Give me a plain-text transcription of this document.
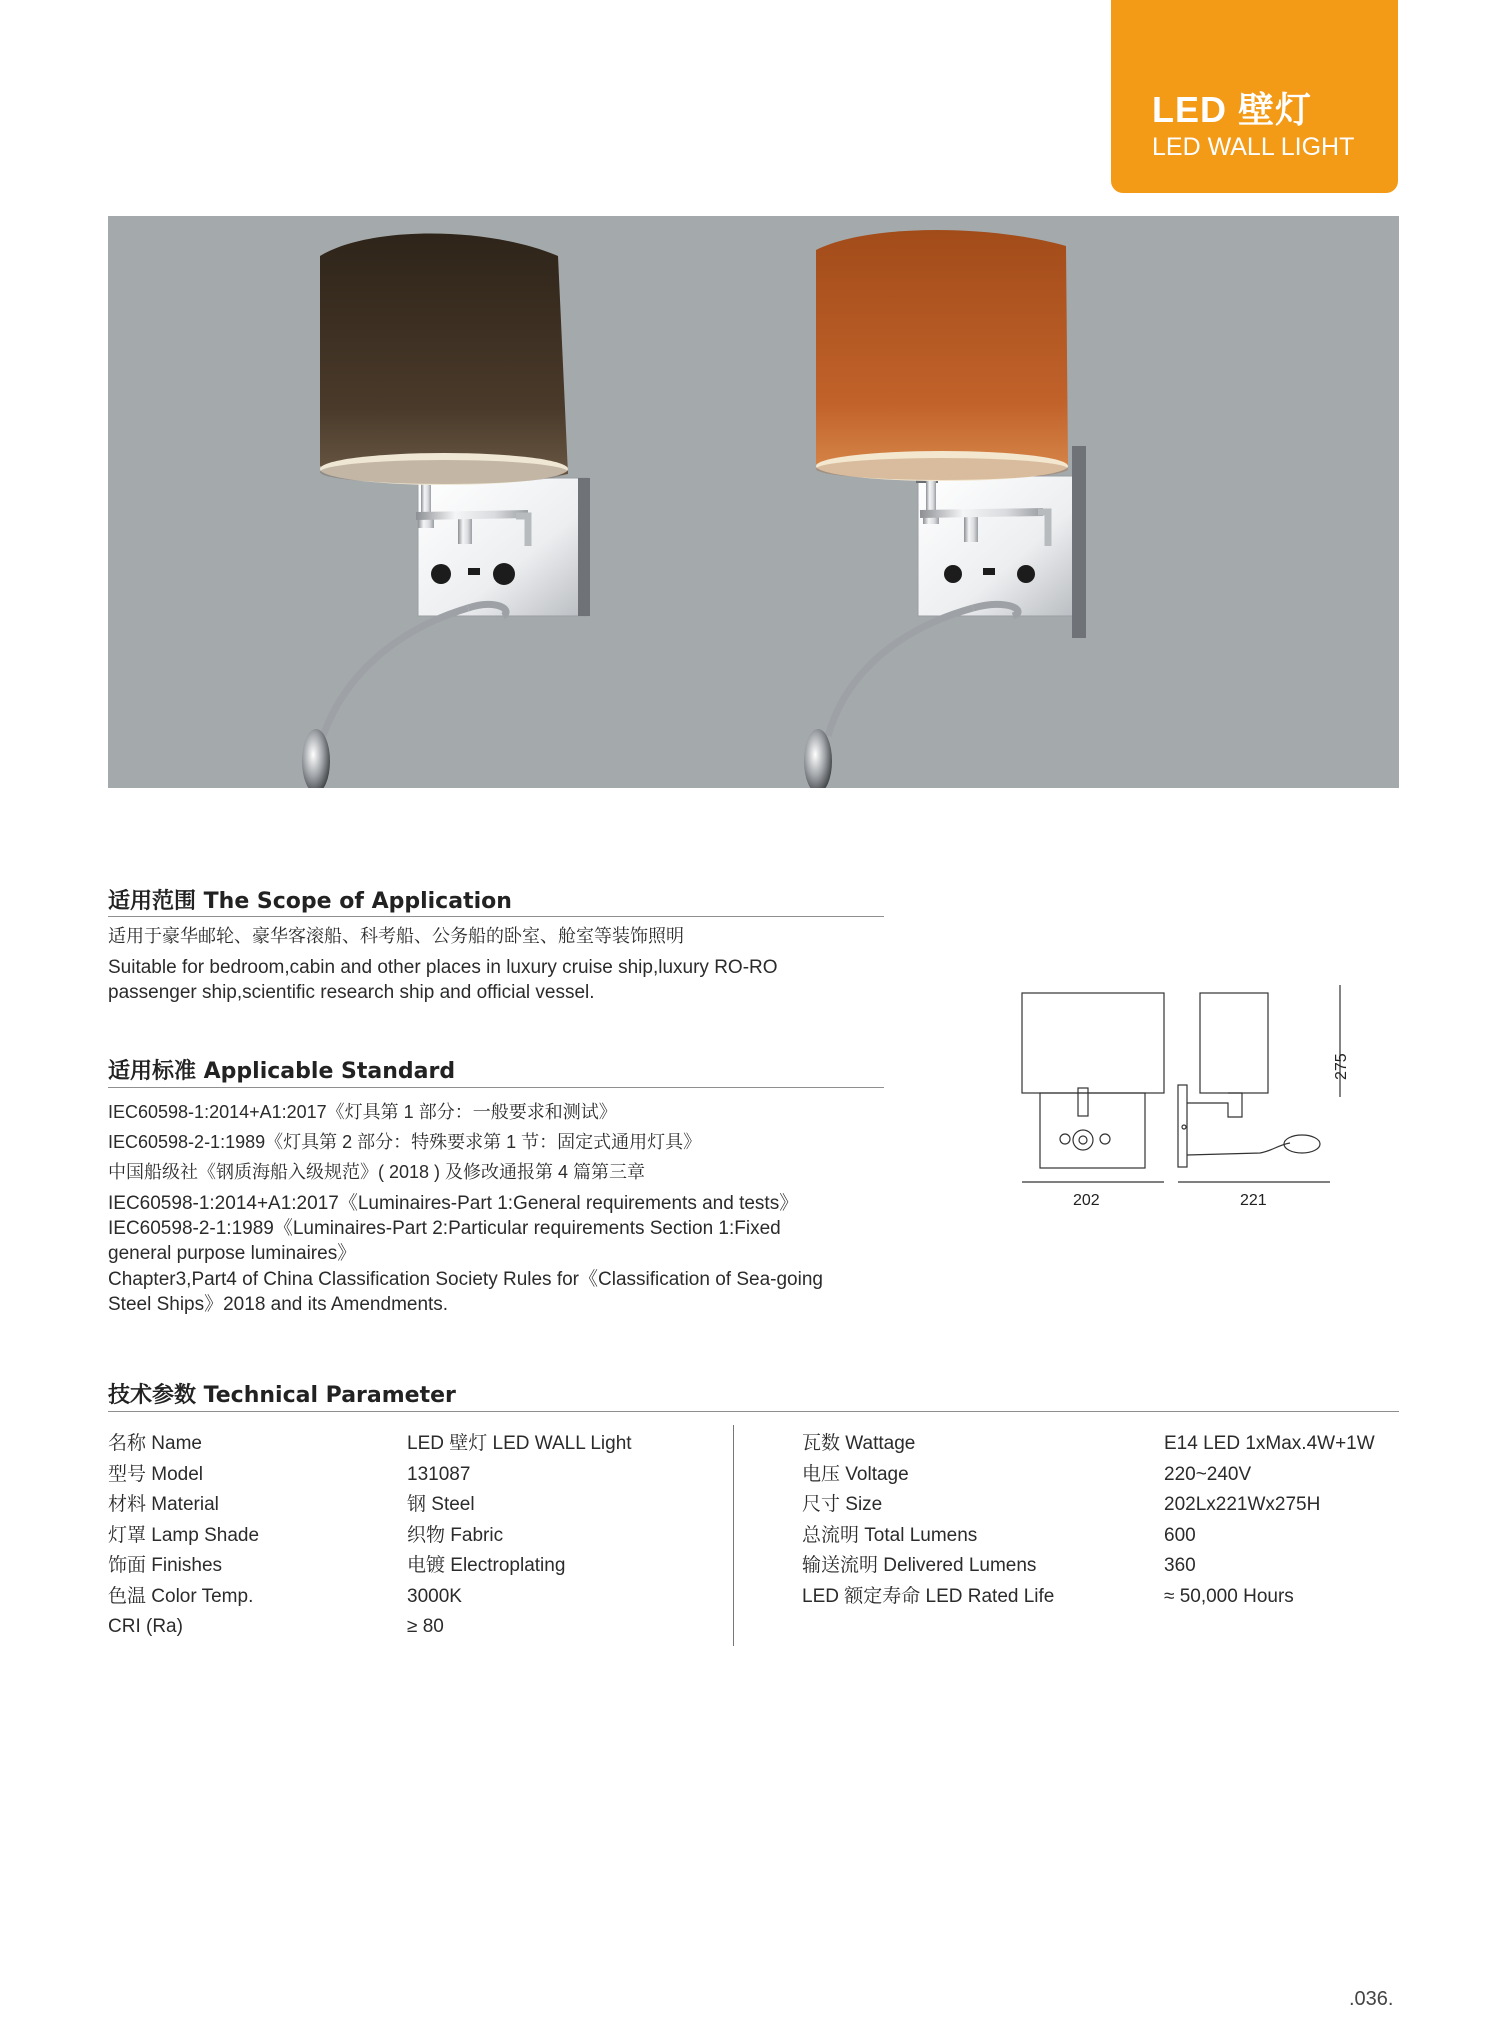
LED 壁灯
LED WALL LIGHT
适用范围 The Scope of Application
适用于豪华邮轮、豪华客滚船、科考船、公务船的卧室、舱室等装饰照明
Suitable for bedroom,cabin and other places in luxury cruise ship,luxury RO-RO
passenger ship,scientific research ship and official vessel.
适用标准 Applicable Standard
IEC60598-1:2014+A1:2017《灯具第 1 部分：一般要求和测试》
IEC60598-2-1:1989《灯具第 2 部分：特殊要求第 1 节：固定式通用灯具》
中国船级社《钢质海船入级规范》( 2018 ) 及修改通报第 4 篇第三章
IEC60598-1:2014+A1:2017《Luminaires-Part 1:General requirements and tests》
IEC60598-2-1:1989《Luminaires-Part 2:Particular requirements Section 1:Fixed
general purpose luminaires》
Chapter3,Part4 of China Classification Society Rules for《Classification of Sea-going
Steel Ships》2018 and its Amendments.
202	221
275
技术参数 Technical Parameter
名称 Name
型号 Model
材料 Material
灯罩 Lamp Shade
饰面 Finishes
色温 Color Temp.
CRI (Ra)
LED 壁灯 LED WALL Light
131087
钢 Steel
织物 Fabric
电镀 Electroplating
3000K
≥ 80
瓦数 Wattage
电压 Voltage
尺寸 Size
总流明 Total Lumens
输送流明 Delivered Lumens
LED 额定寿命 LED Rated Life
E14 LED 1xMax.4W+1W
220~240V
202Lx221Wx275H
600
360
≈ 50,000 Hours
.036.
